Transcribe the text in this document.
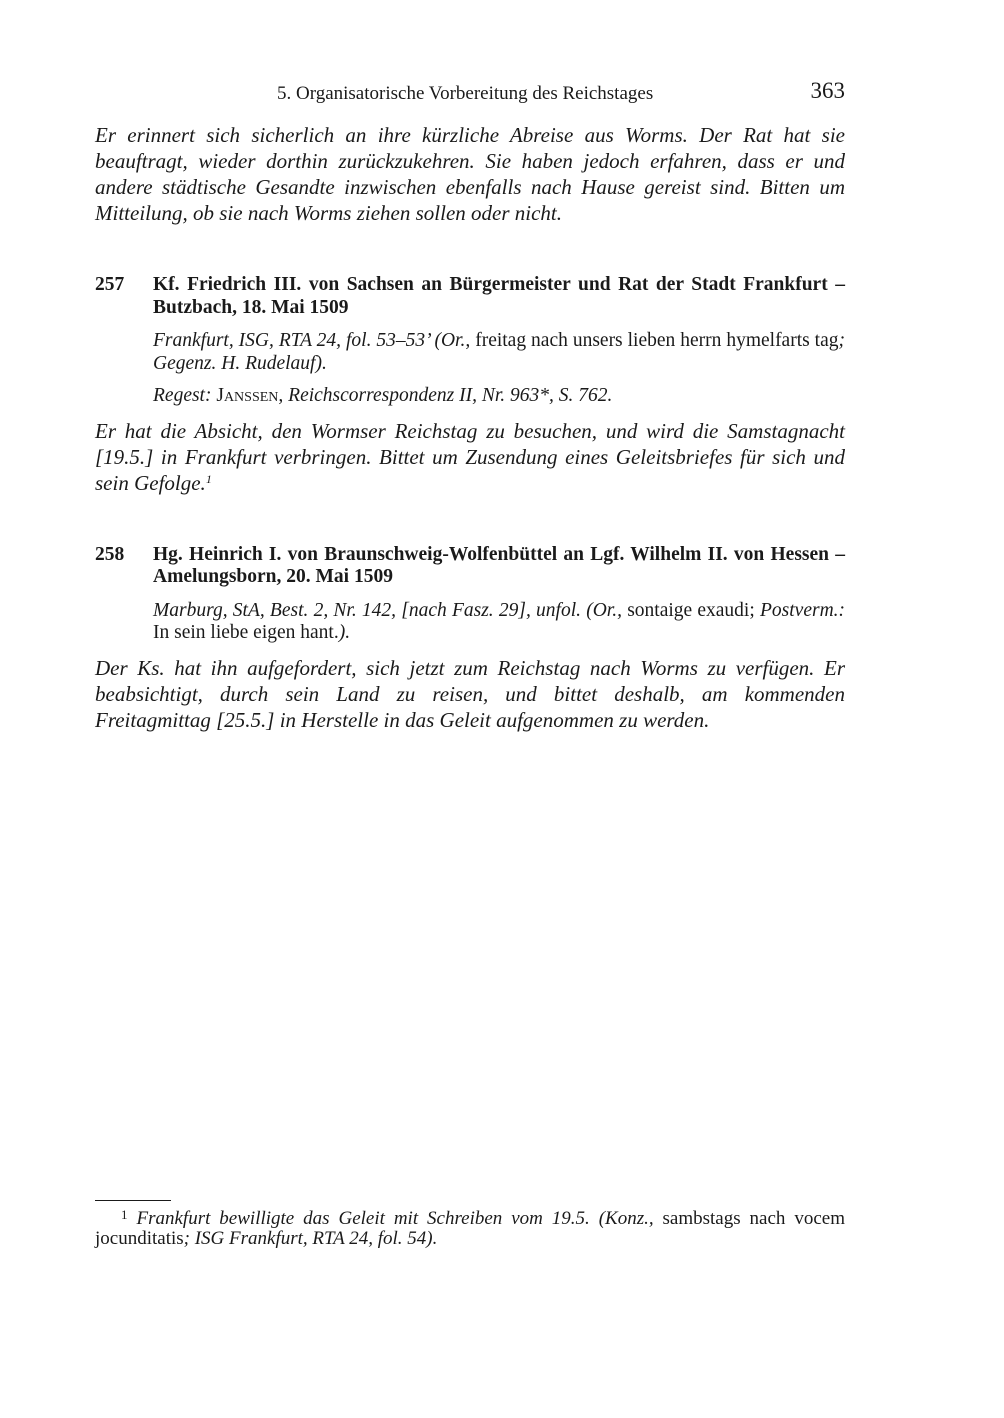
5. Organisatorische Vorbereitung des Reichstages	363

Er erinnert sich sicherlich an ihre kürzliche Abreise aus Worms. Der Rat hat sie beauftragt, wieder dorthin zurückzukehren. Sie haben jedoch erfahren, dass er und andere städtische Gesandte inzwischen ebenfalls nach Hause gereist sind. Bitten um Mitteilung, ob sie nach Worms ziehen sollen oder nicht.

257	Kf. Friedrich III. von Sachsen an Bürgermeister und Rat der Stadt Frankfurt – Butzbach, 18. Mai 1509
Frankfurt, ISG, RTA 24, fol. 53–53’ (Or., freitag nach unsers lieben herrn hymelfarts tag; Gegenz. H. Rudelauf).
Regest: Janssen, Reichscorrespondenz II, Nr. 963*, S. 762.

Er hat die Absicht, den Wormser Reichstag zu besuchen, und wird die Samstagnacht [19.5.] in Frankfurt verbringen. Bittet um Zusendung eines Geleitsbriefes für sich und sein Gefolge.$^1$

258	Hg. Heinrich I. von Braunschweig-Wolfenbüttel an Lgf. Wilhelm II. von Hessen – Amelungsborn, 20. Mai 1509
Marburg, StA, Best. 2, Nr. 142, [nach Fasz. 29], unfol. (Or., sontaige exaudi; Postverm.: In sein liebe eigen hant.).

Der Ks. hat ihn aufgefordert, sich jetzt zum Reichstag nach Worms zu verfügen. Er beabsichtigt, durch sein Land zu reisen, und bittet deshalb, am kommenden Freitagmittag [25.5.] in Herstelle in das Geleit aufgenommen zu werden.

1 Frankfurt bewilligte das Geleit mit Schreiben vom 19.5. (Konz., sambstags nach vocem jocunditatis; ISG Frankfurt, RTA 24, fol. 54).
